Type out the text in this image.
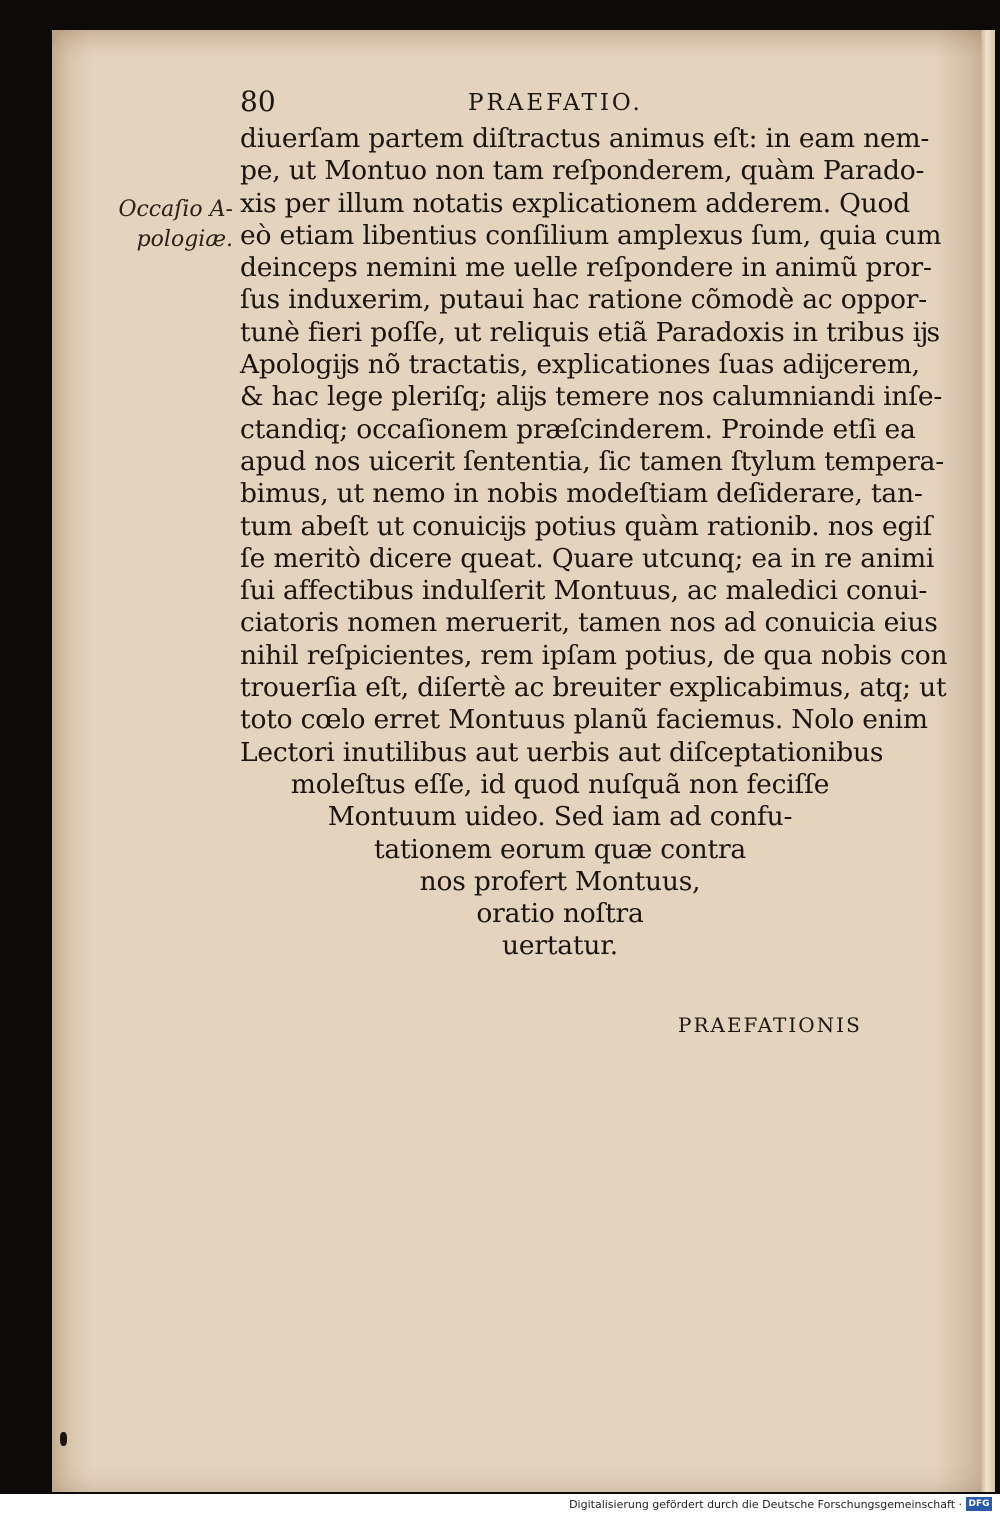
80	PRAEFATIO.
Occaſio A-
pologiæ.
diuerſam partem diſtractus animus eſt: in eam nem-
pe, ut Montuo non tam reſponderem, quàm Parado-
xis per illum notatis explicationem adderem. Quod
eò etiam libentius conſilium amplexus ſum, quia cum
deinceps nemini me uelle reſpondere in animũ pror-
ſus induxerim, putaui hac ratione cõmodè ac oppor-
tunè fieri poſſe, ut reliquis etiã Paradoxis in tribus ĳs
Apologĳs nõ tractatis, explicationes ſuas adĳcerem,
& hac lege pleriſq; alĳs temere nos calumniandi inſe-
ctandiq; occaſionem præſcinderem. Proinde etſi ea
apud nos uicerit ſententia, ſic tamen ſtylum tempera-
bimus, ut nemo in nobis modeſtiam deſiderare, tan-
tum abeſt ut conuicĳs potius quàm rationib. nos egiſ
ſe meritò dicere queat. Quare utcunq; ea in re animi
ſui affectibus indulſerit Montuus, ac maledici conui-
ciatoris nomen meruerit, tamen nos ad conuicia eius
nihil reſpicientes, rem ipſam potius, de qua nobis con
trouerſia eſt, diſertè ac breuiter explicabimus, atq; ut
toto cœlo erret Montuus planũ faciemus. Nolo enim
Lectori inutilibus aut uerbis aut diſceptationibus
moleſtus eſſe, id quod nuſquã non feciſſe
Montuum uideo. Sed iam ad confu-
tationem eorum quæ contra
nos profert Montuus,
oratio noſtra
uertatur.
PRAEFATIONIS
Digitalisierung gefördert durch die Deutsche Forschungsgemeinschaft · DFG
